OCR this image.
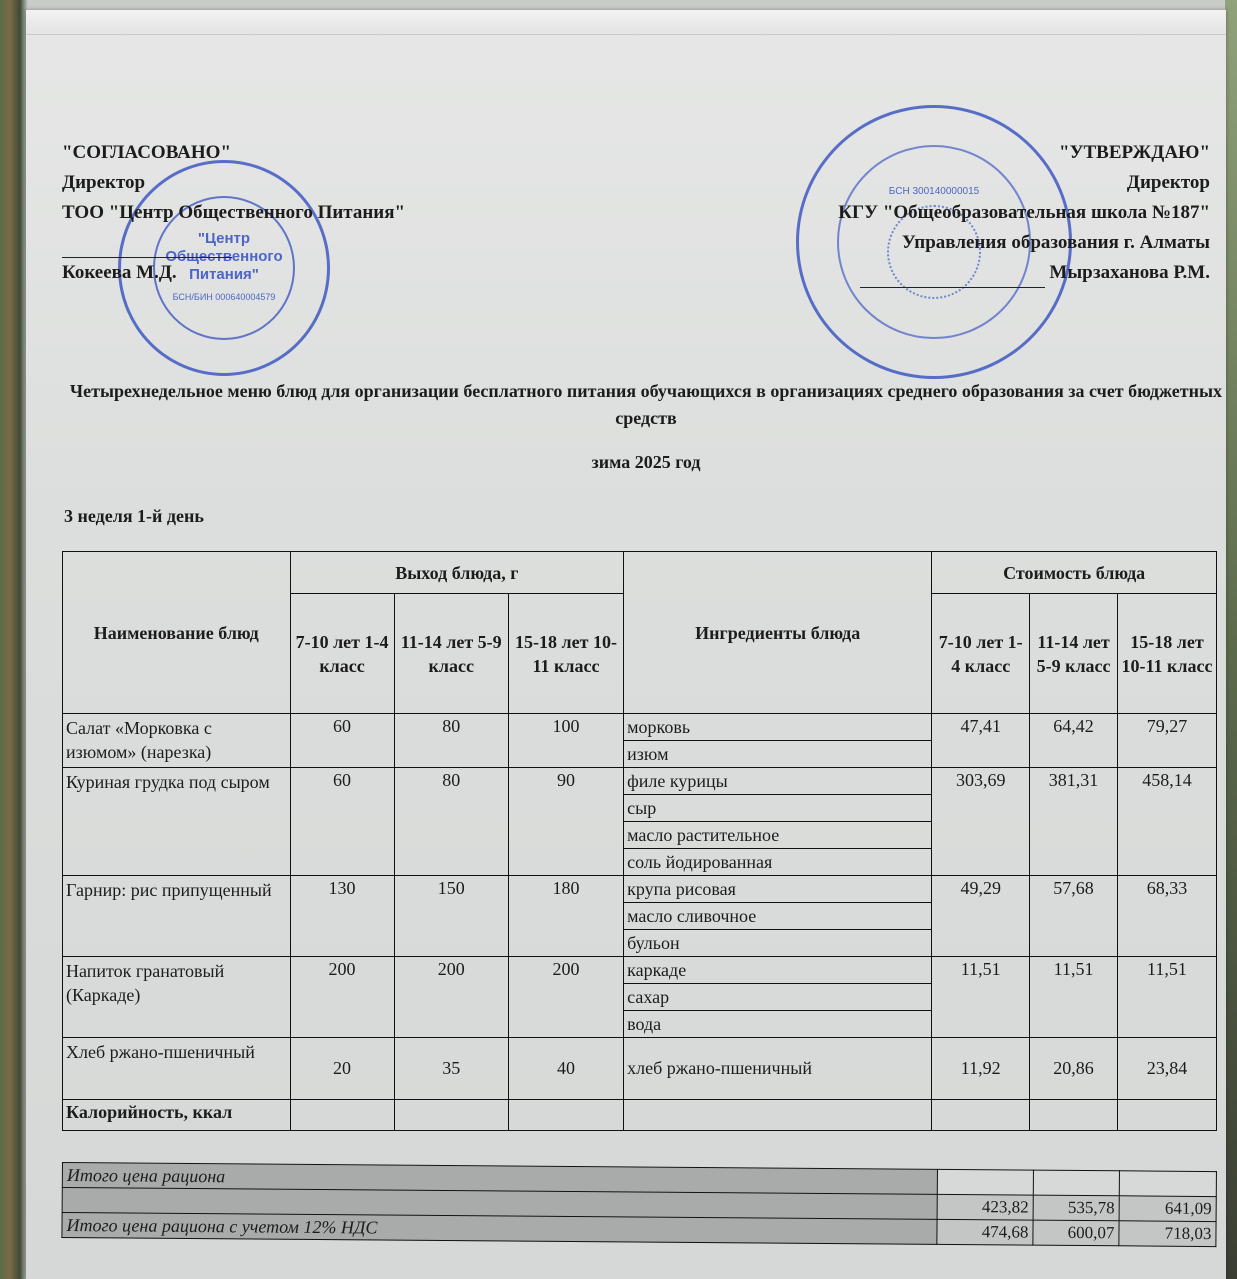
"Центр
Общественного
Питания"
БСН/БИН 000640004579
БСН 300140000015
"СОГЛАСОВАНО"
Директор
ТОО "Центр Общественного Питания"
Кокеева М.Д.
"УТВЕРЖДАЮ"
Директор
КГУ "Общеобразовательная школа №187"
Управления образования г. Алматы
Мырзаханова Р.М.
Четырехнедельное меню блюд для организации бесплатного питания обучающихся в организациях среднего образования за счет бюджетных средств
зима 2025 год
3 неделя 1-й день
Наименование блюд	Выход блюда, г			Ингредиенты блюда	Стоимость блюда		
	7-10 лет 1-4 класс	11-14 лет 5-9 класс	15-18 лет 10-11 класс		7-10 лет 1-4 класс	11-14 лет 5-9 класс	15-18 лет 10-11 класс
Салат «Морковка с изюмом» (нарезка)	60	80	100	морковь	47,41	64,42	79,27
				изюм			
Куриная грудка под сыром	60	80	90	филе курицы	303,69	381,31	458,14
				сыр			
				масло растительное			
				соль йодированная			
Гарнир: рис припущенный	130	150	180	крупа рисовая	49,29	57,68	68,33
				масло сливочное			
				бульон			
Напиток гранатовый (Каркаде)	200	200	200	каркаде	11,51	11,51	11,51
				сахар			
				вода			
Хлеб ржано-пшеничный	20	35	40	хлеб ржано-пшеничный	11,92	20,86	23,84
Калорийность, ккал							
Итого цена рациона			
	423,82	535,78	641,09
Итого цена рациона с учетом 12% НДС	474,68	600,07	718,03
